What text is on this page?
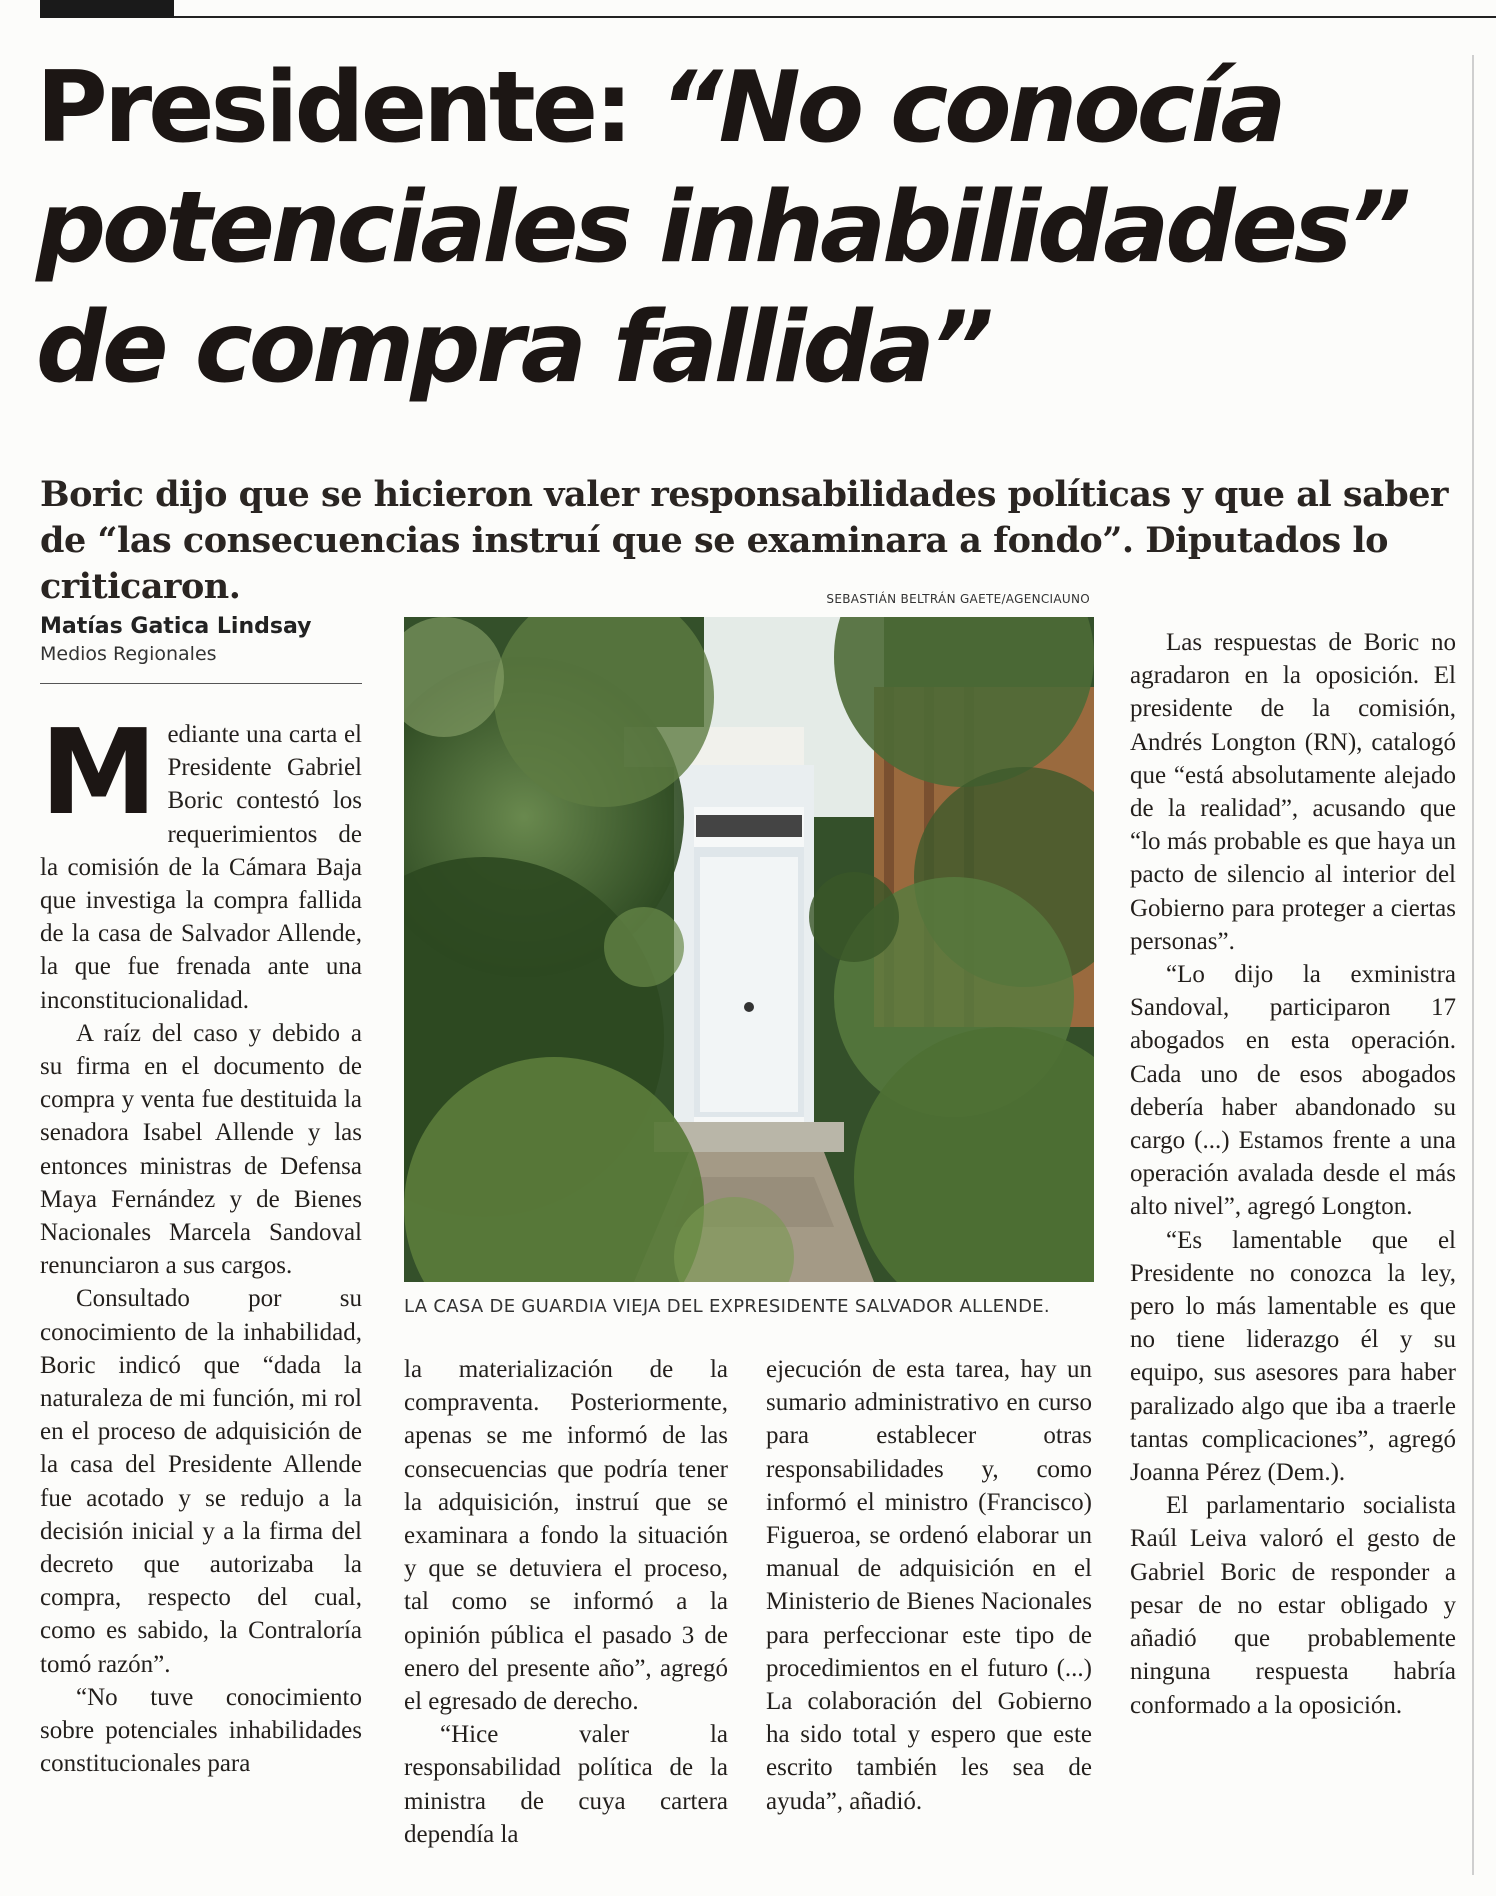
Presidente: “No conocía
potenciales inhabilidades”
de compra fallida”

Boric dijo que se hicieron valer responsabilidades políticas y que al saber de “las consecuencias instruí que se examinara a fondo”. Diputados lo criticaron.

Matías Gatica Lindsay
Medios Regionales

Mediante una carta el Presidente Gabriel Boric contestó los requerimientos de la comisión de la Cámara Baja que investiga la compra fallida de la casa de Salvador Allende, la que fue frenada ante una inconstitucionalidad.

A raíz del caso y debido a su firma en el documento de compra y venta fue destituida la senadora Isabel Allende y las entonces ministras de Defensa Maya Fernández y de Bienes Nacionales Marcela Sandoval renunciaron a sus cargos.

Consultado por su conocimiento de la inhabilidad, Boric indicó que “dada la naturaleza de mi función, mi rol en el proceso de adquisición de la casa del Presidente Allende fue acotado y se redujo a la decisión inicial y a la firma del decreto que autorizaba la compra, respecto del cual, como es sabido, la Contraloría tomó razón”.

“No tuve conocimiento sobre potenciales inhabilidades constitucionales para

SEBASTIÁN BELTRÁN GAETE/AGENCIAUNO
LA CASA DE GUARDIA VIEJA DEL EXPRESIDENTE SALVADOR ALLENDE.

la materialización de la compraventa. Posteriormente, apenas se me informó de las consecuencias que podría tener la adquisición, instruí que se examinara a fondo la situación y que se detuviera el proceso, tal como se informó a la opinión pública el pasado 3 de enero del presente año”, agregó el egresado de derecho.

“Hice valer la responsabilidad política de la ministra de cuya cartera dependía la

ejecución de esta tarea, hay un sumario administrativo en curso para establecer otras responsabilidades y, como informó el ministro (Francisco) Figueroa, se ordenó elaborar un manual de adquisición en el Ministerio de Bienes Nacionales para perfeccionar este tipo de procedimientos en el futuro (...) La colaboración del Gobierno ha sido total y espero que este escrito también les sea de ayuda”, añadió.

Las respuestas de Boric no agradaron en la oposición. El presidente de la comisión, Andrés Longton (RN), catalogó que “está absolutamente alejado de la realidad”, acusando que “lo más probable es que haya un pacto de silencio al interior del Gobierno para proteger a ciertas personas”.

“Lo dijo la exministra Sandoval, participaron 17 abogados en esta operación. Cada uno de esos abogados debería haber abandonado su cargo (...) Estamos frente a una operación avalada desde el más alto nivel”, agregó Longton.

“Es lamentable que el Presidente no conozca la ley, pero lo más lamentable es que no tiene liderazgo él y su equipo, sus asesores para haber paralizado algo que iba a traerle tantas complicaciones”, agregó Joanna Pérez (Dem.).

El parlamentario socialista Raúl Leiva valoró el gesto de Gabriel Boric de responder a pesar de no estar obligado y añadió que probablemente ninguna respuesta habría conformado a la oposición.
